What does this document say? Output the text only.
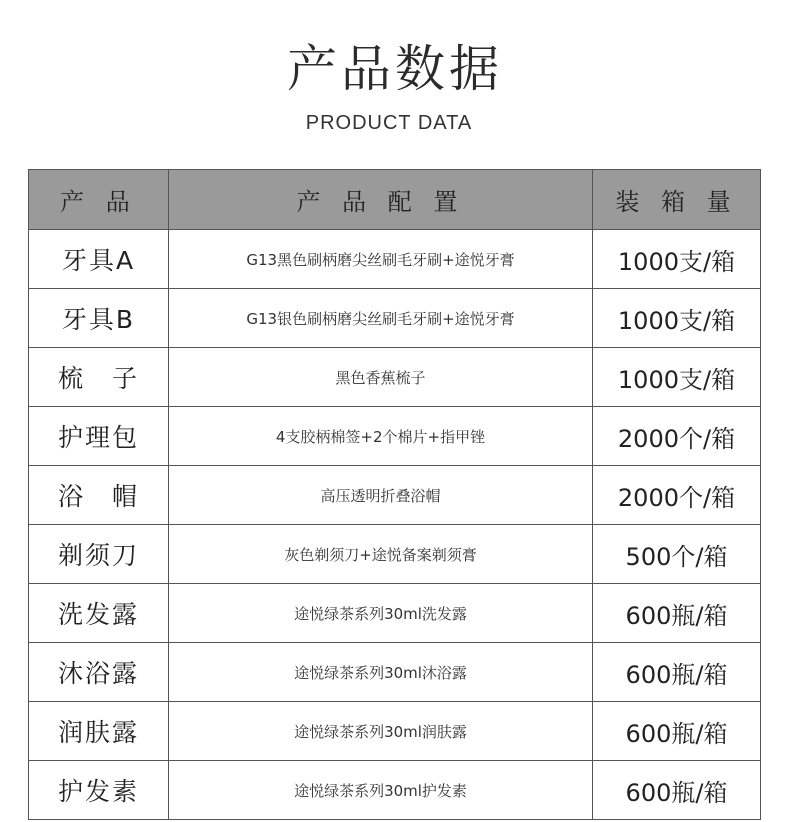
产品数据
PRODUCT DATA
产 品	产 品 配 置	装 箱 量
牙具A	G13黑色刷柄磨尖丝刷毛牙刷+途悦牙膏	1000支/箱
牙具B	G13银色刷柄磨尖丝刷毛牙刷+途悦牙膏	1000支/箱
梳　子	黑色香蕉梳子	1000支/箱
护理包	4支胶柄棉签+2个棉片+指甲锉	2000个/箱
浴　帽	高压透明折叠浴帽	2000个/箱
剃须刀	灰色剃须刀+途悦备案剃须膏	500个/箱
洗发露	途悦绿茶系列30ml洗发露	600瓶/箱
沐浴露	途悦绿茶系列30ml沐浴露	600瓶/箱
润肤露	途悦绿茶系列30ml润肤露	600瓶/箱
护发素	途悦绿茶系列30ml护发素	600瓶/箱
